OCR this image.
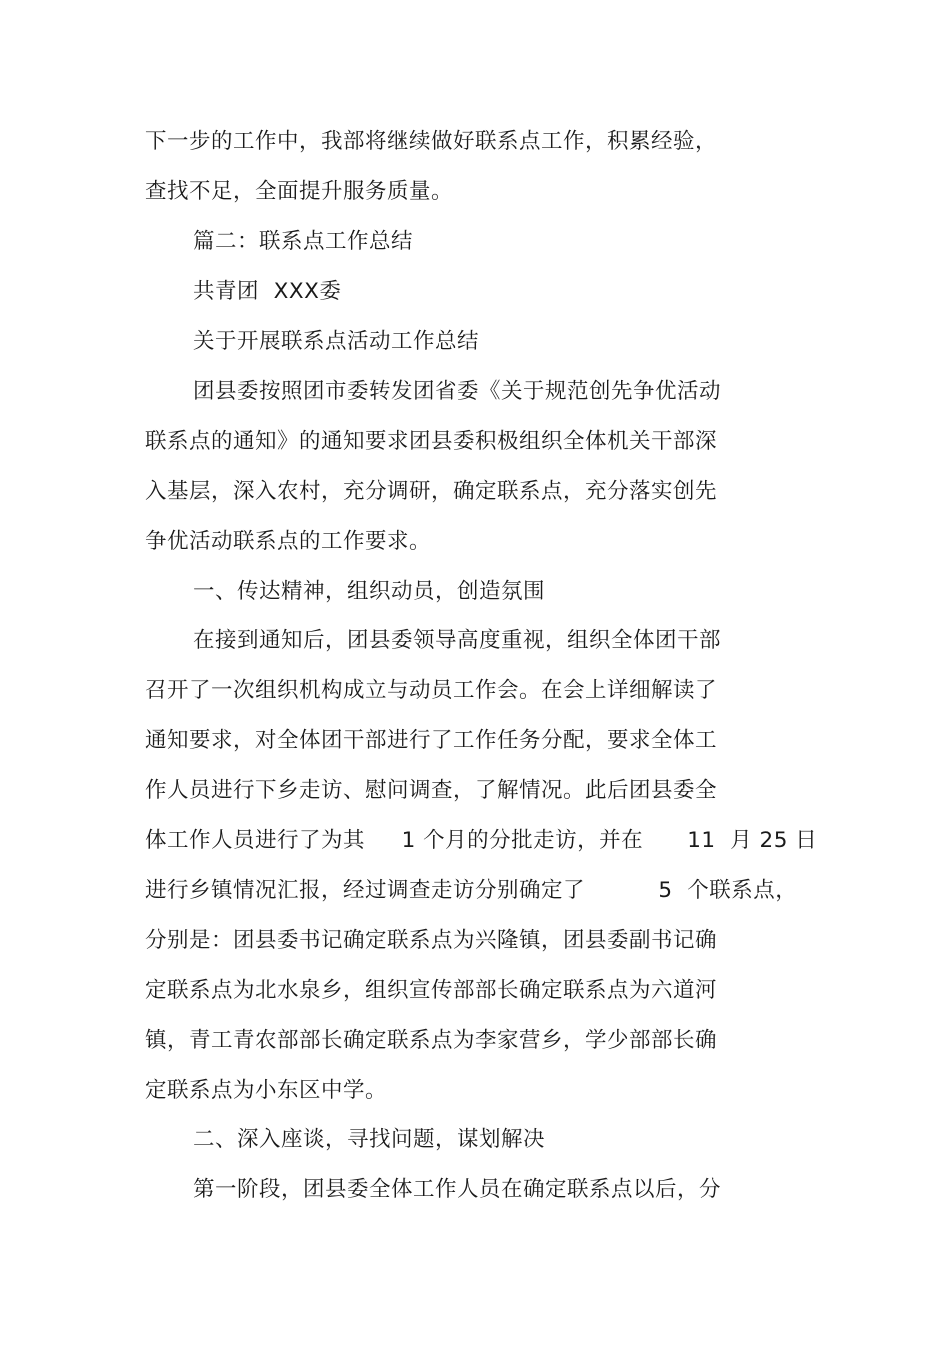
下一步的工作中，我部将继续做好联系点工作，积累经验，
查找不足，全面提升服务质量。
篇二：联系点工作总结
共青团  XXX委
关于开展联系点活动工作总结
团县委按照团市委转发团省委《关于规范创先争优活动
联系点的通知》的通知要求团县委积极组织全体机关干部深
入基层，深入农村，充分调研，确定联系点，充分落实创先
争优活动联系点的工作要求。
一、传达精神，组织动员，创造氛围
在接到通知后，团县委领导高度重视，组织全体团干部
召开了一次组织机构成立与动员工作会。在会上详细解读了
通知要求，对全体团干部进行了工作任务分配，要求全体工
作人员进行下乡走访、慰问调查，了解情况。此后团县委全
体工作人员进行了为其     1 个月的分批走访，并在      11  月 25 日
进行乡镇情况汇报，经过调查走访分别确定了          5  个联系点，
分别是：团县委书记确定联系点为兴隆镇，团县委副书记确
定联系点为北水泉乡，组织宣传部部长确定联系点为六道河
镇，青工青农部部长确定联系点为李家营乡，学少部部长确
定联系点为小东区中学。
二、深入座谈，寻找问题，谋划解决
第一阶段，团县委全体工作人员在确定联系点以后，分
